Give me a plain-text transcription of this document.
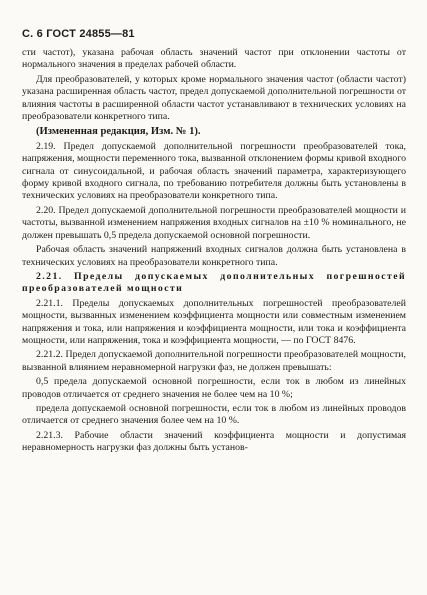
С. 6 ГОСТ 24855—81

сти частот), указана рабочая область значений частот при отклонении частоты от нормального значения в пределах рабочей области.

Для преобразователей, у которых кроме нормального значения частот (области частот) указана расширенная область частот, предел допускаемой дополнительной погрешности от влияния частоты в расширенной области частот устанавливают в технических условиях на преобразователи конкретного типа.

(Измененная редакция, Изм. № 1).

2.19. Предел допускаемой дополнительной погрешности преобразователей тока, напряжения, мощности переменного тока, вызванной отклонением формы кривой входного сигнала от синусоидальной, и рабочая область значений параметра, характеризующего форму кривой входного сигнала, по требованию потребителя должны быть установлены в технических условиях на преобразователи конкретного типа.

2.20. Предел допускаемой дополнительной погрешности преобразователей мощности и частоты, вызванной изменением напряжения входных сигналов на ±10 % номинального, не должен превышать 0,5 предела допускаемой основной погрешности.

Рабочая область значений напряжений входных сигналов должна быть установлена в технических условиях на преобразователи конкретного типа.

2.21. Пределы допускаемых дополнительных погрешностей преобразователей мощности

2.21.1. Пределы допускаемых дополнительных погрешностей преобразователей мощности, вызванных изменением коэффициента мощности или совместным изменением напряжения и тока, или напряжения и коэффициента мощности, или тока и коэффициента мощности, или напряжения, тока и коэффициента мощности, — по ГОСТ 8476.

2.21.2. Предел допускаемой дополнительной погрешности преобразователей мощности, вызванной влиянием неравномерной нагрузки фаз, не должен превышать:

0,5 предела допускаемой основной погрешности, если ток в любом из линейных проводов отличается от среднего значения не более чем на 10 %;

предела допускаемой основной погрешности, если ток в любом из линейных проводов отличается от среднего значения более чем на 10 %.

2.21.3. Рабочие области значений коэффициента мощности и допустимая неравномерность нагрузки фаз должны быть установ-
